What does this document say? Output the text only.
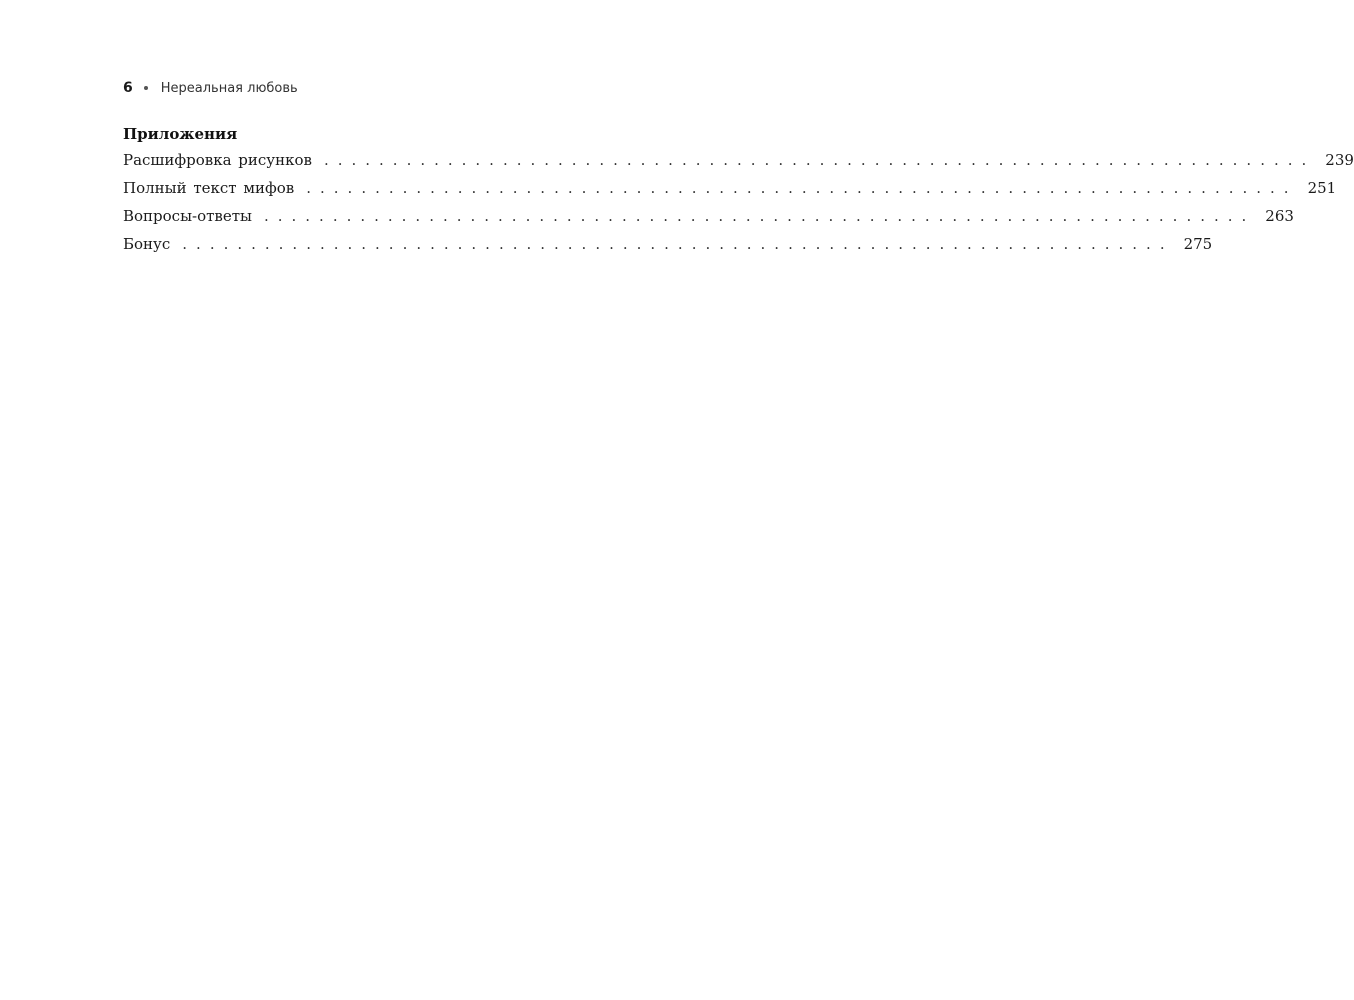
6 Нереальная любовь
Приложения
Расшифровка рисунков ........................................................................ 239
Полный текст мифов ........................................................................ 251
Вопросы-ответы ........................................................................ 263
Бонус ........................................................................ 275
